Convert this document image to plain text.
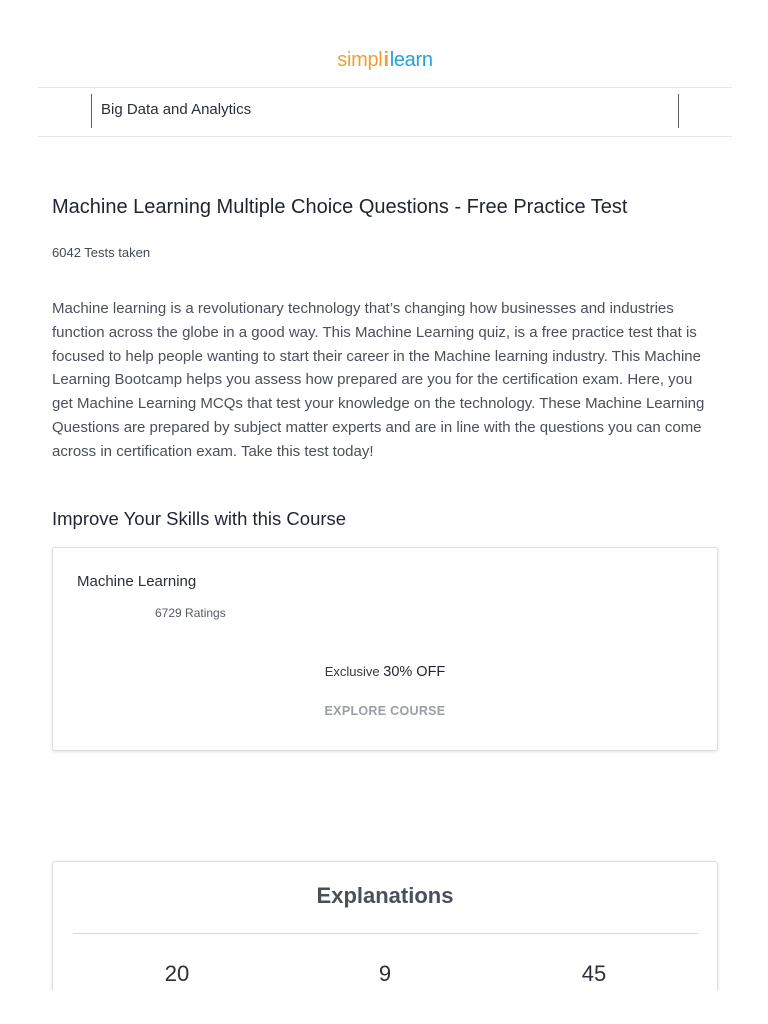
simpl i learn
Big Data and Analytics
Machine Learning Multiple Choice Questions - Free Practice Test
6042 Tests taken

Machine learning is a revolutionary technology that’s changing how businesses and industries function across the globe in a good way. This Machine Learning quiz, is a free practice test that is focused to help people wanting to start their career in the Machine learning industry. This Machine Learning Bootcamp helps you assess how prepared are you for the certification exam. Here, you get Machine Learning MCQs that test your knowledge on the technology. These Machine Learning Questions are prepared by subject matter experts and are in line with the questions you can come across in certification exam. Take this test today!

Improve Your Skills with this Course
Machine Learning
6729 Ratings
Exclusive 30% OFF
EXPLORE COURSE
Explanations
20	9	45
